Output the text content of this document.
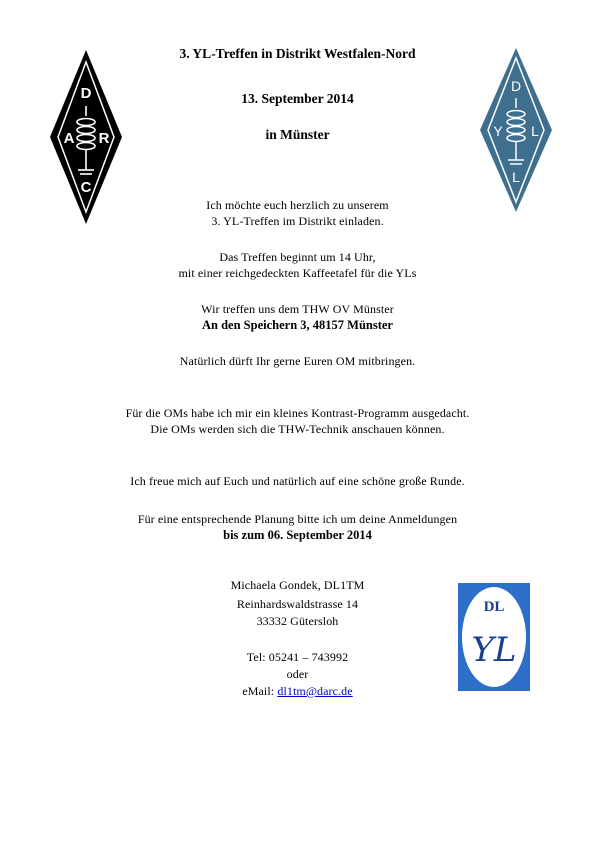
D
A R
C
D
Y L
L
3. YL-Treffen in Distrikt Westfalen-Nord
13. September 2014
in Münster
Ich möchte euch herzlich zu unserem
3. YL-Treffen im Distrikt einladen.
Das Treffen beginnt um 14 Uhr,
mit einer reichgedeckten Kaffeetafel für die YLs
Wir treffen uns dem THW OV Münster
An den Speichern 3, 48157 Münster
Natürlich dürft Ihr gerne Euren OM mitbringen.
Für die OMs habe ich mir ein kleines Kontrast-Programm ausgedacht.
Die OMs werden sich die THW-Technik anschauen können.
Ich freue mich auf Euch und natürlich auf eine schöne große Runde.
Für eine entsprechende Planung bitte ich um deine Anmeldungen
bis zum 06. September 2014
Michaela Gondek, DL1TM
Reinhardswaldstrasse 14
33332 Gütersloh
Tel: 05241 – 743992
oder
eMail: dl1tm@darc.de
DL
YL
